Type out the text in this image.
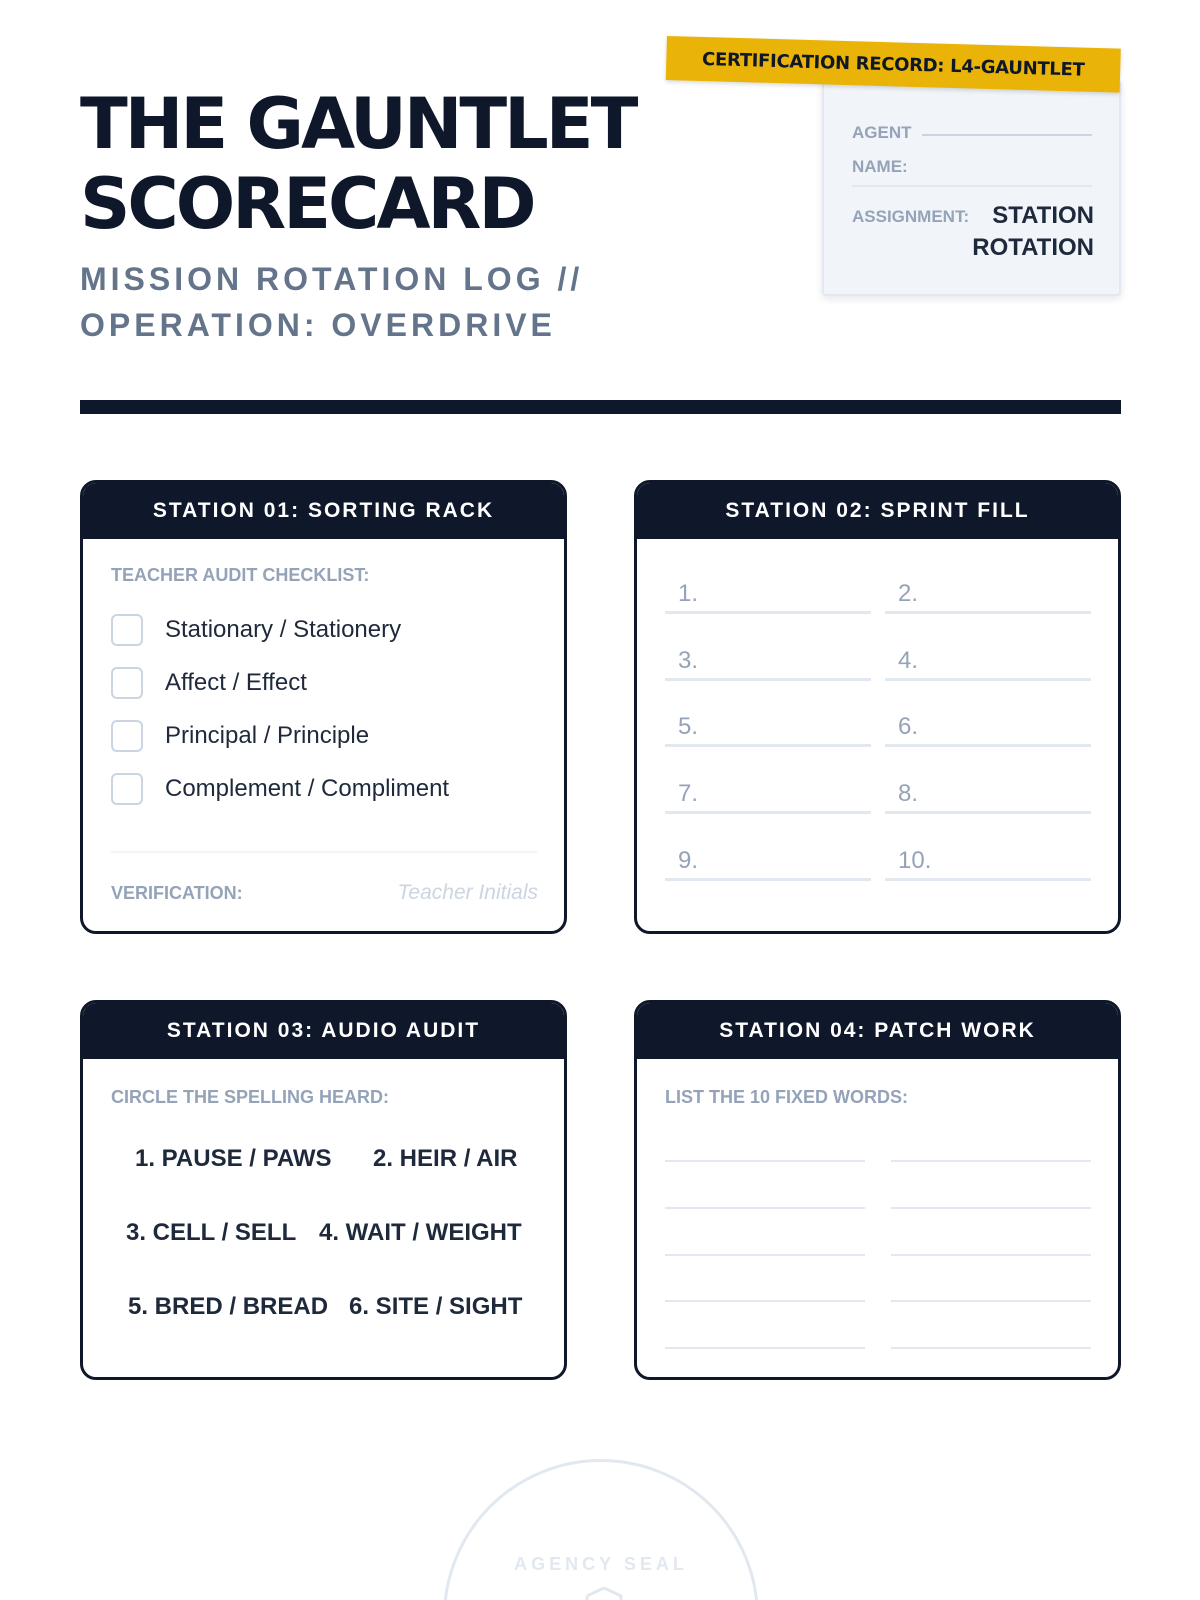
THE GAUNTLET
SCORECARD
MISSION ROTATION LOG //
OPERATION: OVERDRIVE
CERTIFICATION RECORD: L4-GAUNTLET
AGENT
NAME:
ASSIGNMENT: STATION
ROTATION
STATION 01: SORTING RACK
TEACHER AUDIT CHECKLIST:
Stationary / Stationery
Affect / Effect
Principal / Principle
Complement / Compliment
VERIFICATION:	Teacher Initials
STATION 02: SPRINT FILL
1.	2.
3.	4.
5.	6.
7.	8.
9.	10.
STATION 03: AUDIO AUDIT
CIRCLE THE SPELLING HEARD:
1. PAUSE / PAWS 2. HEIR / AIR
3. CELL / SELL 4. WAIT / WEIGHT
5. BRED / BREAD 6. SITE / SIGHT
STATION 04: PATCH WORK
LIST THE 10 FIXED WORDS:
AGENCY SEAL
